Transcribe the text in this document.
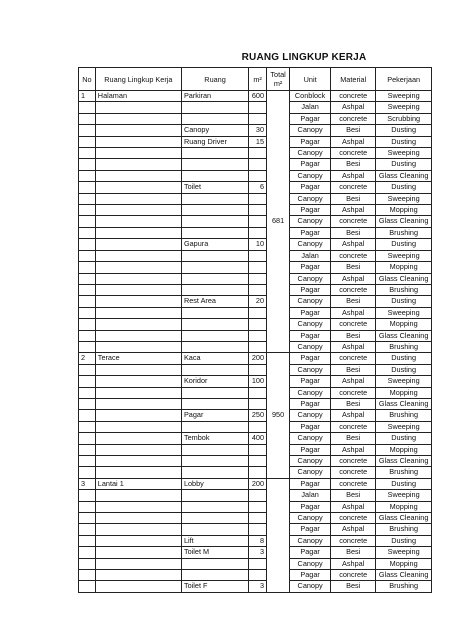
RUANG LINGKUP KERJA
No	Ruang Lingkup Kerja	Ruang	m²	Total m²	Unit	Material	Pekerjaan
1	Halaman	Parkiran	600	681	Conblock	concrete	Sweeping
					Jalan	Ashpal	Sweeping
					Pagar	concrete	Scrubbing
		Canopy	30		Canopy	Besi	Dusting
		Ruang Driver	15		Pagar	Ashpal	Dusting
					Canopy	concrete	Sweeping
					Pagar	Besi	Dusting
					Canopy	Ashpal	Glass Cleaning
		Toilet	6		Pagar	concrete	Dusting
					Canopy	Besi	Sweeping
					Pagar	Ashpal	Mopping
					Canopy	concrete	Glass Cleaning
					Pagar	Besi	Brushing
		Gapura	10		Canopy	Ashpal	Dusting
					Jalan	concrete	Sweeping
					Pagar	Besi	Mopping
					Canopy	Ashpal	Glass Cleaning
					Pagar	concrete	Brushing
		Rest Area	20		Canopy	Besi	Dusting
					Pagar	Ashpal	Sweeping
					Canopy	concrete	Mopping
					Pagar	Besi	Glass Cleaning
					Canopy	Ashpal	Brushing
2	Terace	Kaca	200	950	Pagar	concrete	Dusting
					Canopy	Besi	Dusting
		Koridor	100		Pagar	Ashpal	Sweeping
					Canopy	concrete	Mopping
					Pagar	Besi	Glass Cleaning
		Pagar	250		Canopy	Ashpal	Brushing
					Pagar	concrete	Sweeping
		Tembok	400		Canopy	Besi	Dusting
					Pagar	Ashpal	Mopping
					Canopy	concrete	Glass Cleaning
					Canopy	concrete	Brushing
3	Lantai 1	Lobby	200		Pagar	concrete	Dusting
					Jalan	Besi	Sweeping
					Pagar	Ashpal	Mopping
					Canopy	concrete	Glass Cleaning
					Pagar	Ashpal	Brushing
		Lift	8		Canopy	concrete	Dusting
		Toilet M	3		Pagar	Besi	Sweeping
					Canopy	Ashpal	Mopping
					Pagar	concrete	Glass Cleaning
		Toilet F	3		Canopy	Besi	Brushing
